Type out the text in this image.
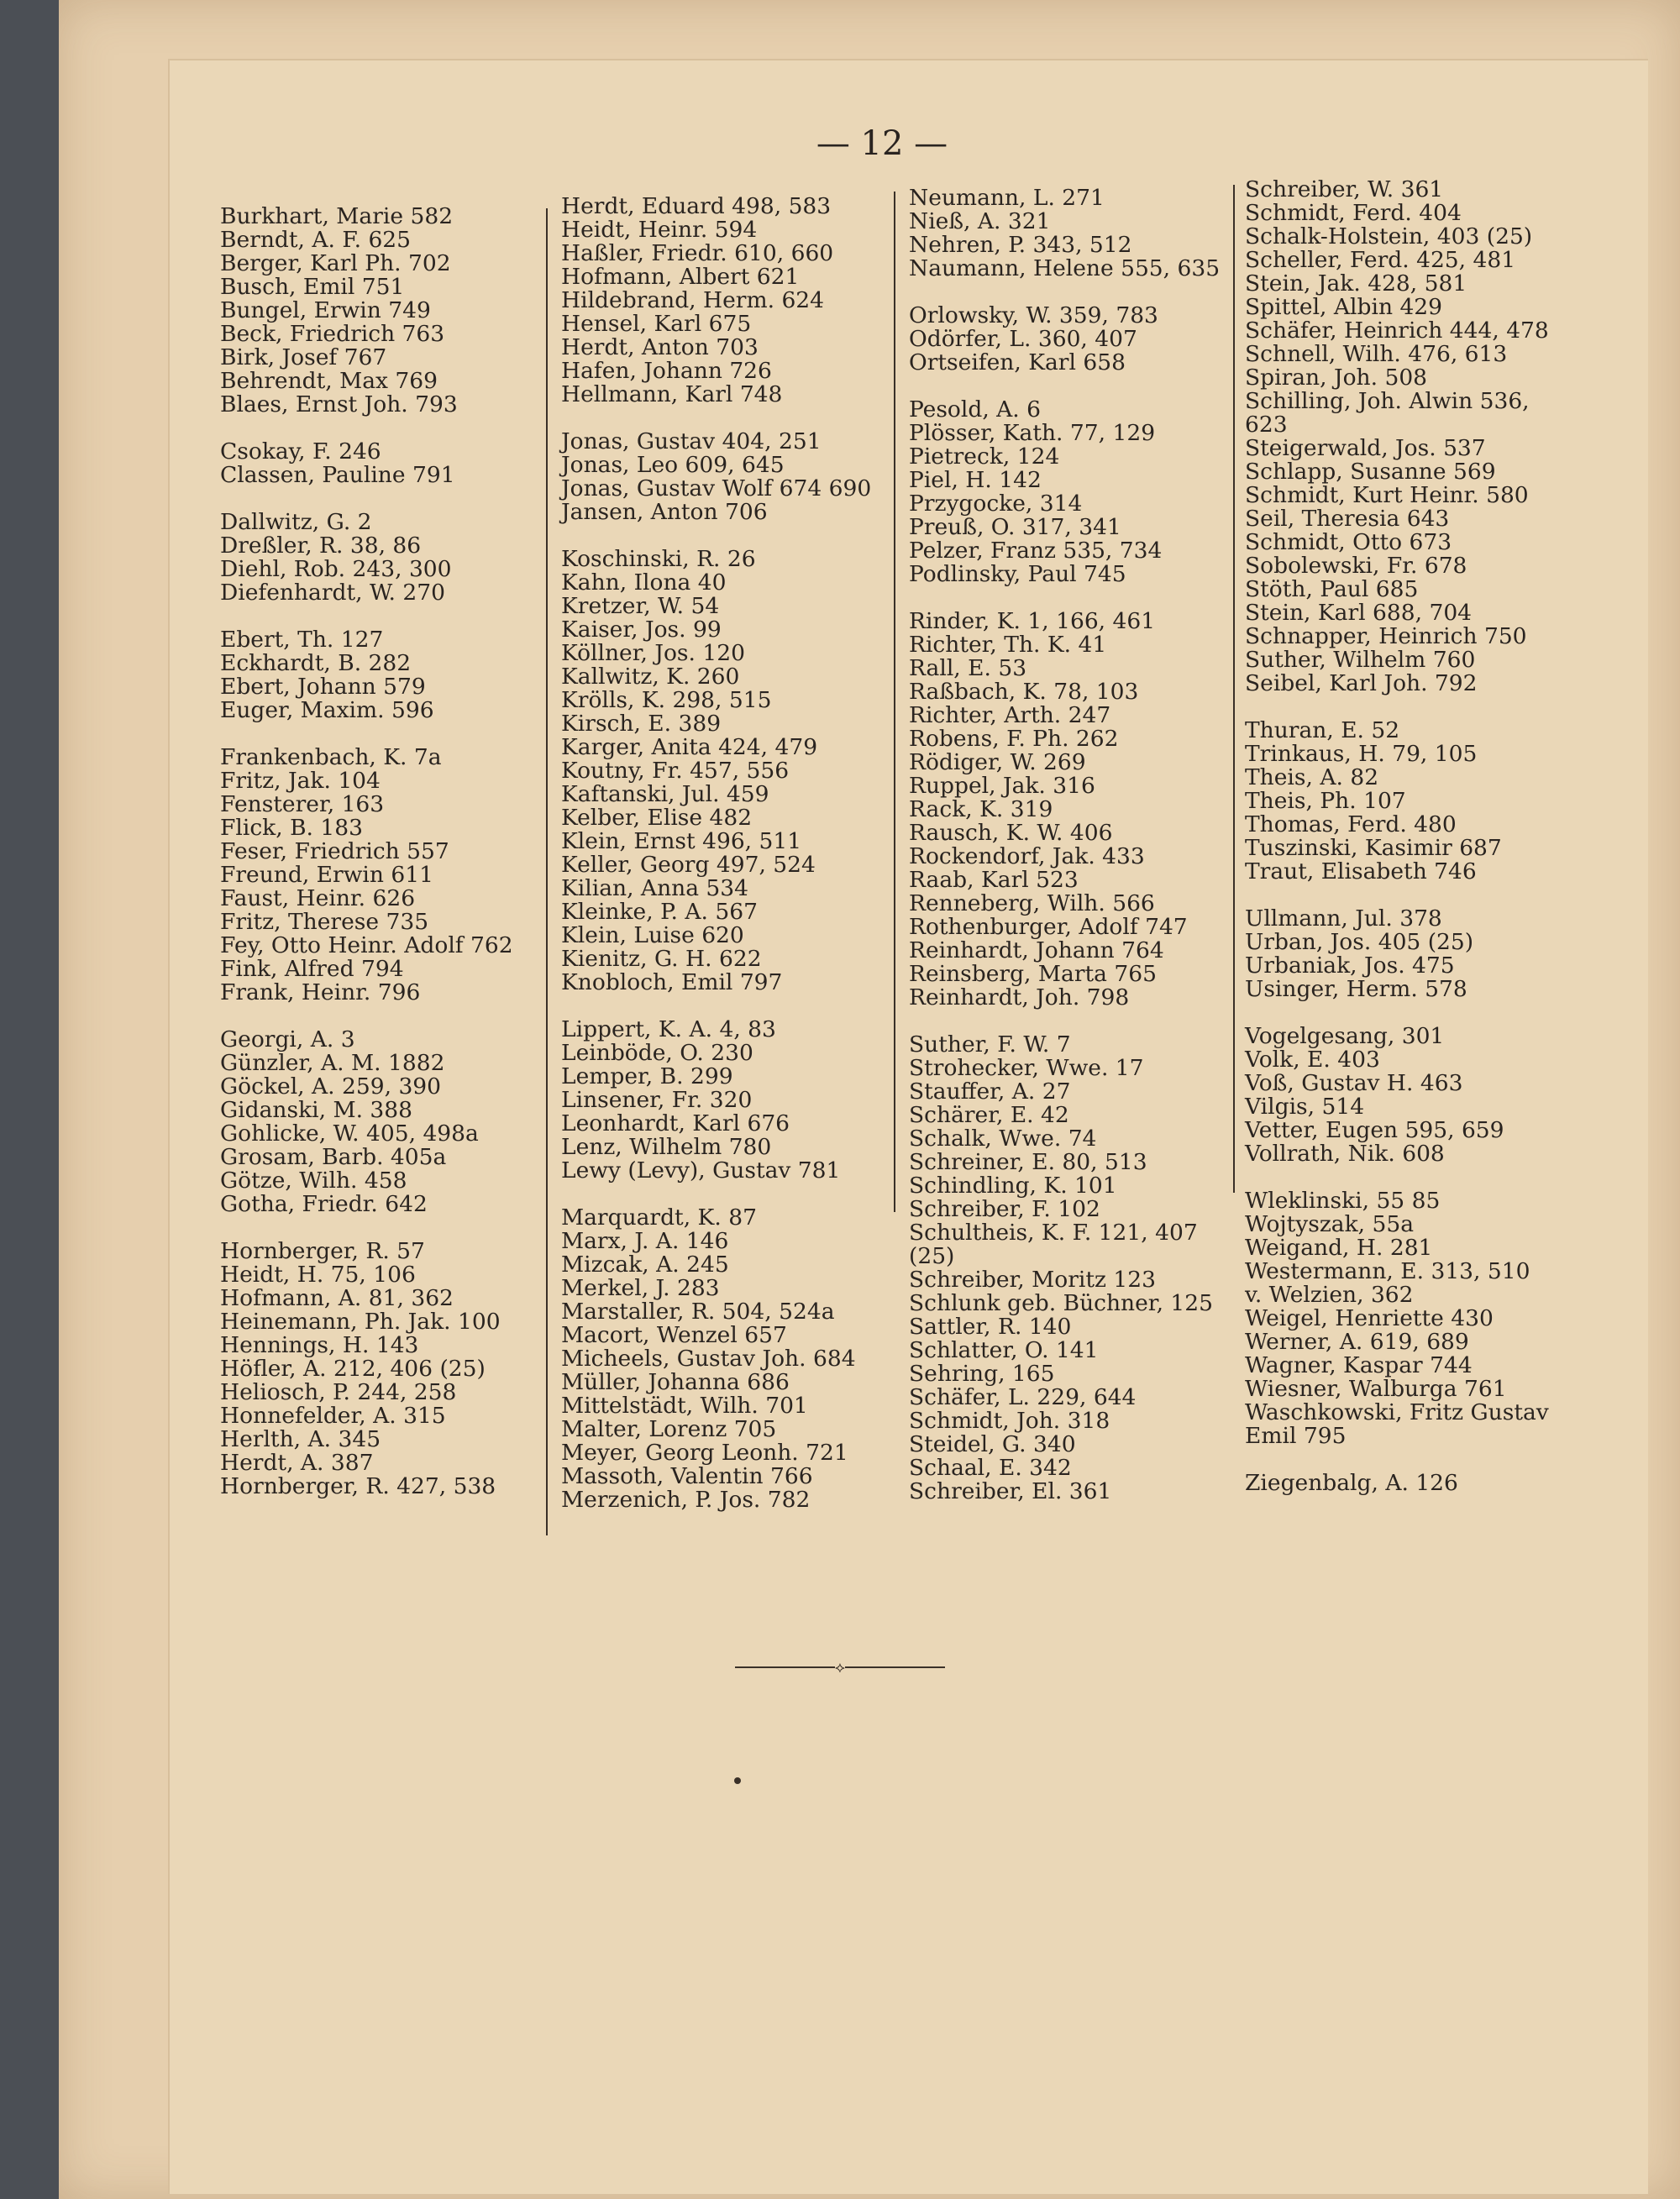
— 12 —
Burkhart, Marie 582
Berndt, A. F. 625
Berger, Karl Ph. 702
Busch, Emil 751
Bungel, Erwin 749
Beck, Friedrich 763
Birk, Josef 767
Behrendt, Max 769
Blaes, Ernst Joh. 793
Csokay, F. 246
Classen, Pauline 791
Dallwitz, G. 2
Dreßler, R. 38, 86
Diehl, Rob. 243, 300
Diefenhardt, W. 270
Ebert, Th. 127
Eckhardt, B. 282
Ebert, Johann 579
Euger, Maxim. 596
Frankenbach, K. 7a
Fritz, Jak. 104
Fensterer, 163
Flick, B. 183
Feser, Friedrich 557
Freund, Erwin 611
Faust, Heinr. 626
Fritz, Therese 735
Fey, Otto Heinr. Adolf 762
Fink, Alfred 794
Frank, Heinr. 796
Georgi, A. 3
Günzler, A. M. 1882
Göckel, A. 259, 390
Gidanski, M. 388
Gohlicke, W. 405, 498a
Grosam, Barb. 405a
Götze, Wilh. 458
Gotha, Friedr. 642
Hornberger, R. 57
Heidt, H. 75, 106
Hofmann, A. 81, 362
Heinemann, Ph. Jak. 100
Hennings, H. 143
Höfler, A. 212, 406 (25)
Heliosch, P. 244, 258
Honnefelder, A. 315
Herlth, A. 345
Herdt, A. 387
Hornberger, R. 427, 538
Herdt, Eduard 498, 583
Heidt, Heinr. 594
Haßler, Friedr. 610, 660
Hofmann, Albert 621
Hildebrand, Herm. 624
Hensel, Karl 675
Herdt, Anton 703
Hafen, Johann 726
Hellmann, Karl 748
Jonas, Gustav 404, 251
Jonas, Leo 609, 645
Jonas, Gustav Wolf 674 690
Jansen, Anton 706
Koschinski, R. 26
Kahn, Ilona 40
Kretzer, W. 54
Kaiser, Jos. 99
Köllner, Jos. 120
Kallwitz, K. 260
Krölls, K. 298, 515
Kirsch, E. 389
Karger, Anita 424, 479
Koutny, Fr. 457, 556
Kaftanski, Jul. 459
Kelber, Elise 482
Klein, Ernst 496, 511
Keller, Georg 497, 524
Kilian, Anna 534
Kleinke, P. A. 567
Klein, Luise 620
Kienitz, G. H. 622
Knobloch, Emil 797
Lippert, K. A. 4, 83
Leinböde, O. 230
Lemper, B. 299
Linsener, Fr. 320
Leonhardt, Karl 676
Lenz, Wilhelm 780
Lewy (Levy), Gustav 781
Marquardt, K. 87
Marx, J. A. 146
Mizcak, A. 245
Merkel, J. 283
Marstaller, R. 504, 524a
Macort, Wenzel 657
Micheels, Gustav Joh. 684
Müller, Johanna 686
Mittelstädt, Wilh. 701
Malter, Lorenz 705
Meyer, Georg Leonh. 721
Massoth, Valentin 766
Merzenich, P. Jos. 782
Neumann, L. 271
Nieß, A. 321
Nehren, P. 343, 512
Naumann, Helene 555, 635
Orlowsky, W. 359, 783
Odörfer, L. 360, 407
Ortseifen, Karl 658
Pesold, A. 6
Plösser, Kath. 77, 129
Pietreck, 124
Piel, H. 142
Przygocke, 314
Preuß, O. 317, 341
Pelzer, Franz 535, 734
Podlinsky, Paul 745
Rinder, K. 1, 166, 461
Richter, Th. K. 41
Rall, E. 53
Raßbach, K. 78, 103
Richter, Arth. 247
Robens, F. Ph. 262
Rödiger, W. 269
Ruppel, Jak. 316
Rack, K. 319
Rausch, K. W. 406
Rockendorf, Jak. 433
Raab, Karl 523
Renneberg, Wilh. 566
Rothenburger, Adolf 747
Reinhardt, Johann 764
Reinsberg, Marta 765
Reinhardt, Joh. 798
Suther, F. W. 7
Strohecker, Wwe. 17
Stauffer, A. 27
Schärer, E. 42
Schalk, Wwe. 74
Schreiner, E. 80, 513
Schindling, K. 101
Schreiber, F. 102
Schultheis, K. F. 121, 407
(25)
Schreiber, Moritz 123
Schlunk geb. Büchner, 125
Sattler, R. 140
Schlatter, O. 141
Sehring, 165
Schäfer, L. 229, 644
Schmidt, Joh. 318
Steidel, G. 340
Schaal, E. 342
Schreiber, El. 361
Schreiber, W. 361
Schmidt, Ferd. 404
Schalk-Holstein, 403 (25)
Scheller, Ferd. 425, 481
Stein, Jak. 428, 581
Spittel, Albin 429
Schäfer, Heinrich 444, 478
Schnell, Wilh. 476, 613
Spiran, Joh. 508
Schilling, Joh. Alwin 536,
623
Steigerwald, Jos. 537
Schlapp, Susanne 569
Schmidt, Kurt Heinr. 580
Seil, Theresia 643
Schmidt, Otto 673
Sobolewski, Fr. 678
Stöth, Paul 685
Stein, Karl 688, 704
Schnapper, Heinrich 750
Suther, Wilhelm 760
Seibel, Karl Joh. 792
Thuran, E. 52
Trinkaus, H. 79, 105
Theis, A. 82
Theis, Ph. 107
Thomas, Ferd. 480
Tuszinski, Kasimir 687
Traut, Elisabeth 746
Ullmann, Jul. 378
Urban, Jos. 405 (25)
Urbaniak, Jos. 475
Usinger, Herm. 578
Vogelgesang, 301
Volk, E. 403
Voß, Gustav H. 463
Vilgis, 514
Vetter, Eugen 595, 659
Vollrath, Nik. 608
Wleklinski, 55 85
Wojtyszak, 55a
Weigand, H. 281
Westermann, E. 313, 510
v. Welzien, 362
Weigel, Henriette 430
Werner, A. 619, 689
Wagner, Kaspar 744
Wiesner, Walburga 761
Waschkowski, Fritz Gustav
Emil 795
Ziegenbalg, A. 126
⟡
